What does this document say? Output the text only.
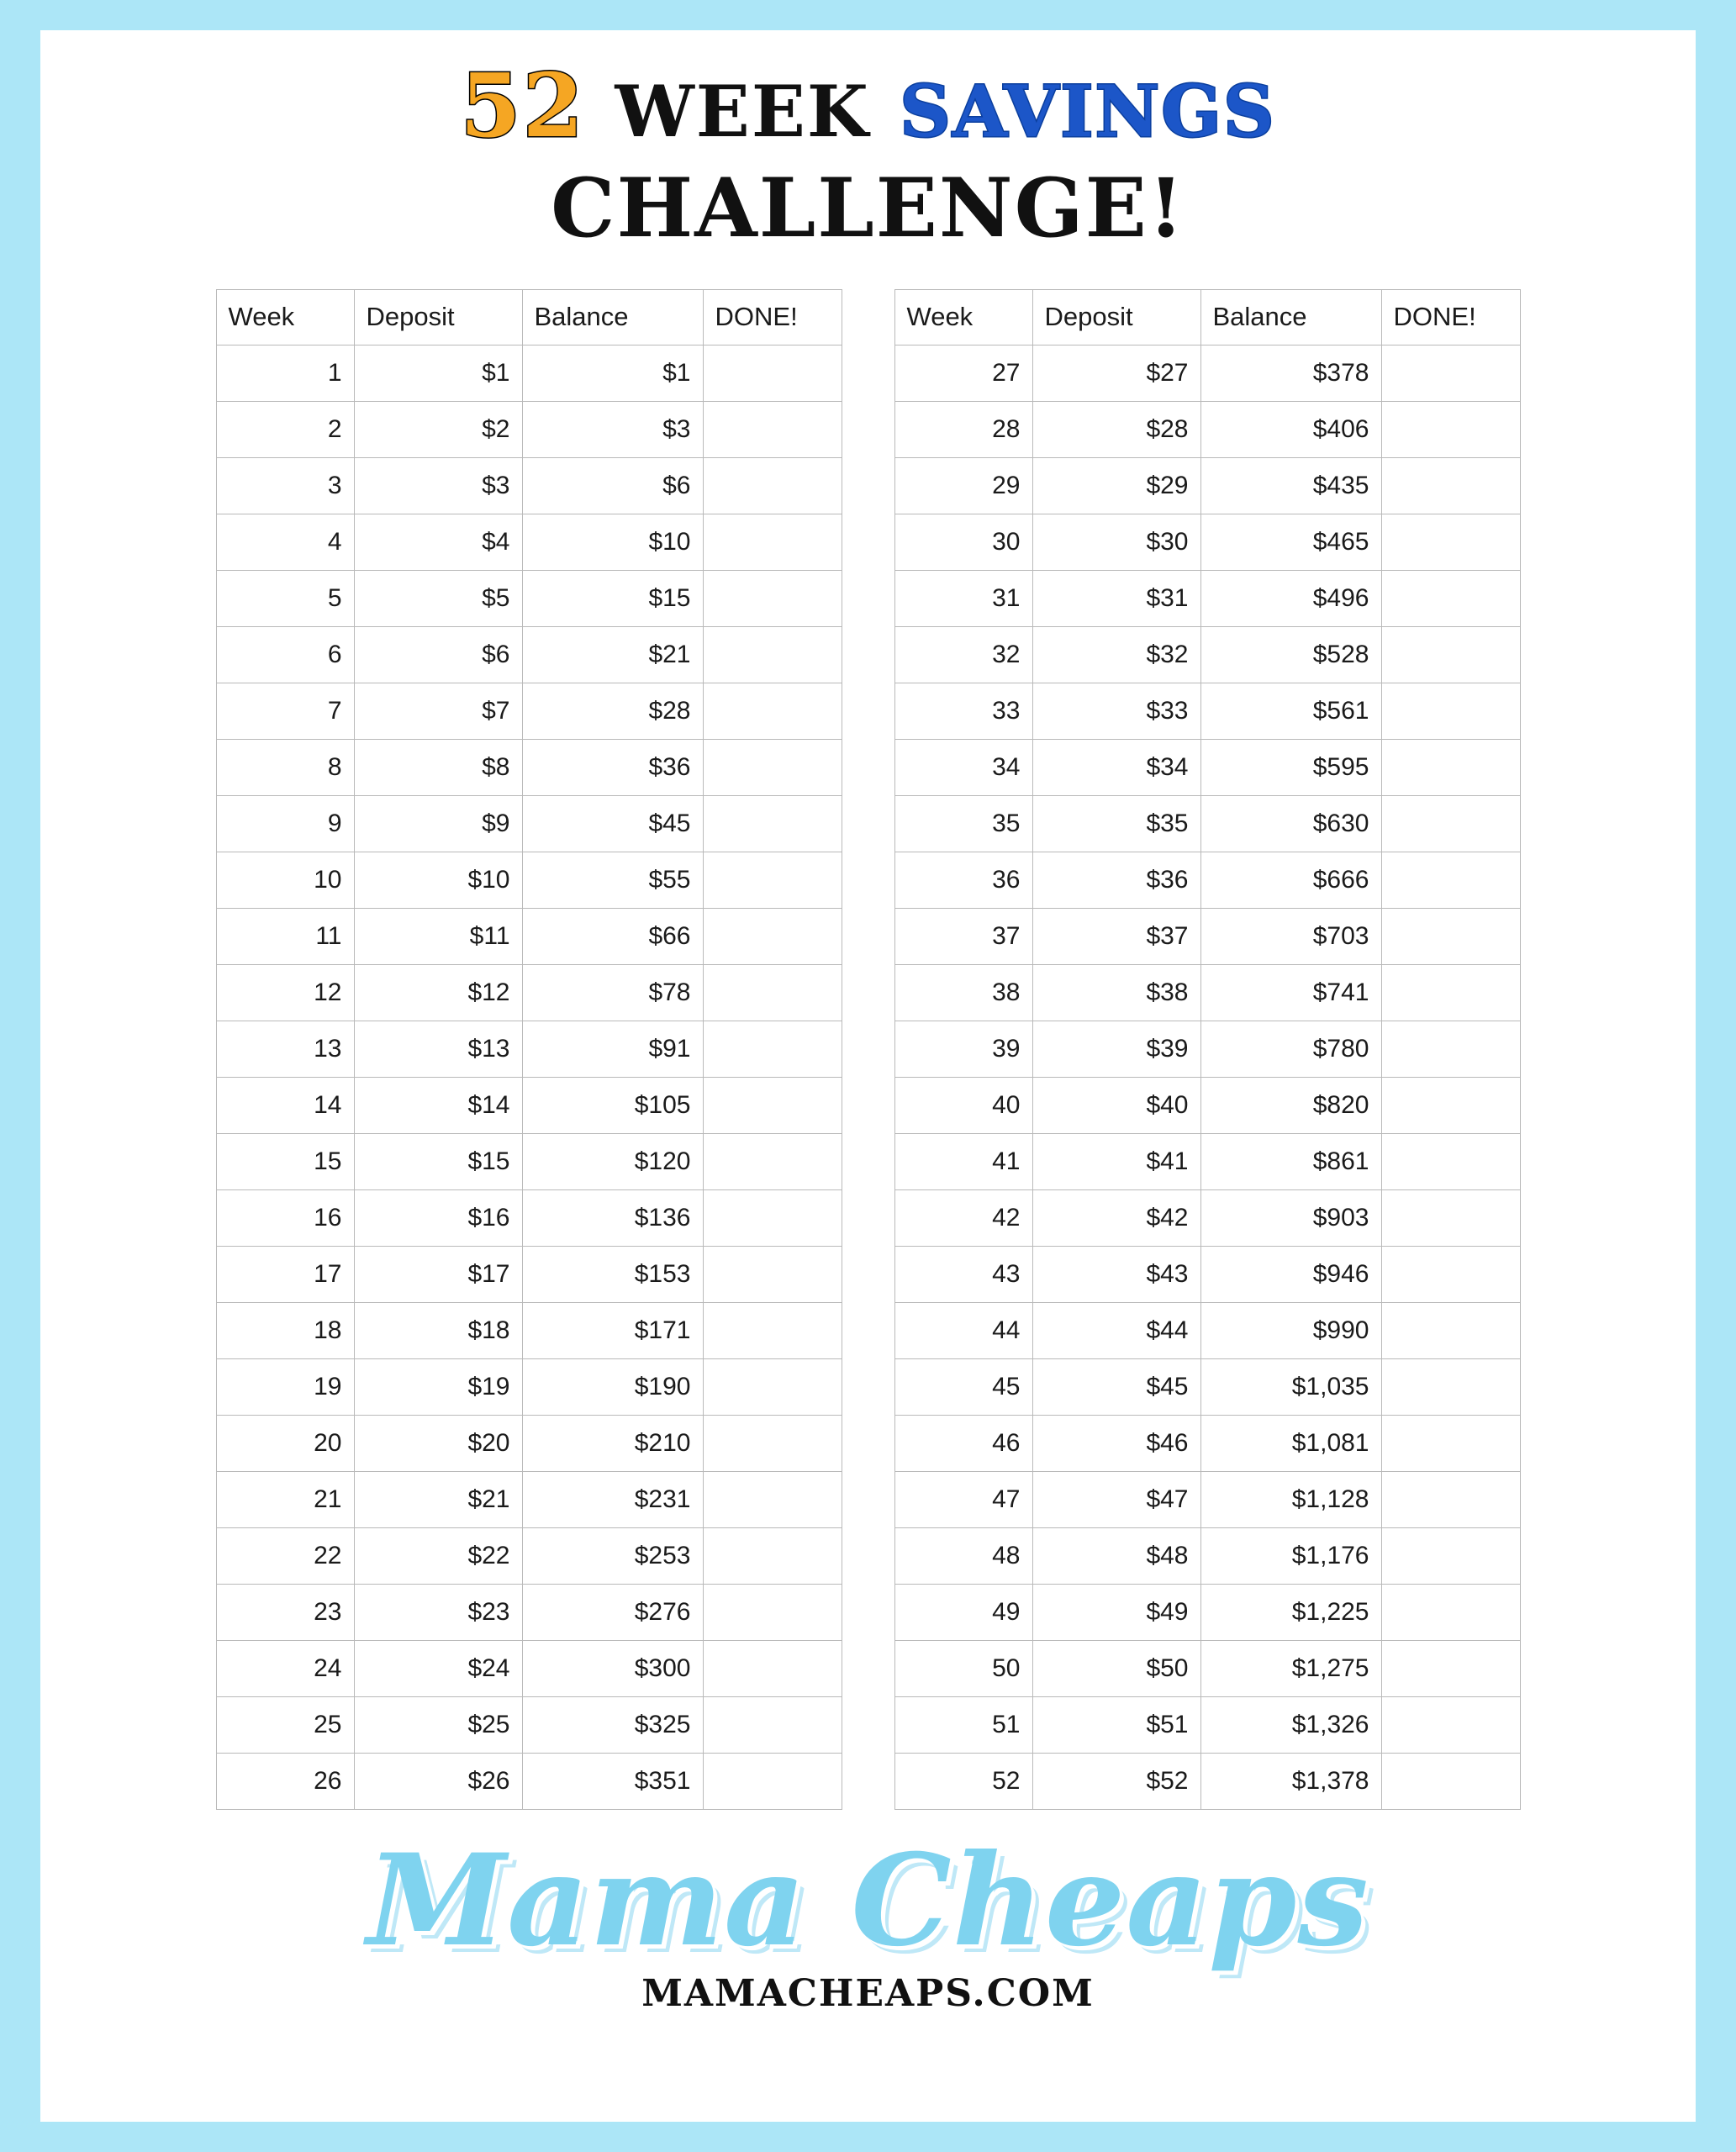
52 WEEK SAVINGS
CHALLENGE!
Week	Deposit	Balance	DONE!
1	$1	$1	
2	$2	$3	
3	$3	$6	
4	$4	$10	
5	$5	$15	
6	$6	$21	
7	$7	$28	
8	$8	$36	
9	$9	$45	
10	$10	$55	
11	$11	$66	
12	$12	$78	
13	$13	$91	
14	$14	$105	
15	$15	$120	
16	$16	$136	
17	$17	$153	
18	$18	$171	
19	$19	$190	
20	$20	$210	
21	$21	$231	
22	$22	$253	
23	$23	$276	
24	$24	$300	
25	$25	$325	
26	$26	$351	
Week	Deposit	Balance	DONE!
27	$27	$378	
28	$28	$406	
29	$29	$435	
30	$30	$465	
31	$31	$496	
32	$32	$528	
33	$33	$561	
34	$34	$595	
35	$35	$630	
36	$36	$666	
37	$37	$703	
38	$38	$741	
39	$39	$780	
40	$40	$820	
41	$41	$861	
42	$42	$903	
43	$43	$946	
44	$44	$990	
45	$45	$1,035	
46	$46	$1,081	
47	$47	$1,128	
48	$48	$1,176	
49	$49	$1,225	
50	$50	$1,275	
51	$51	$1,326	
52	$52	$1,378	
Mama Cheaps
MAMACHEAPS.COM
